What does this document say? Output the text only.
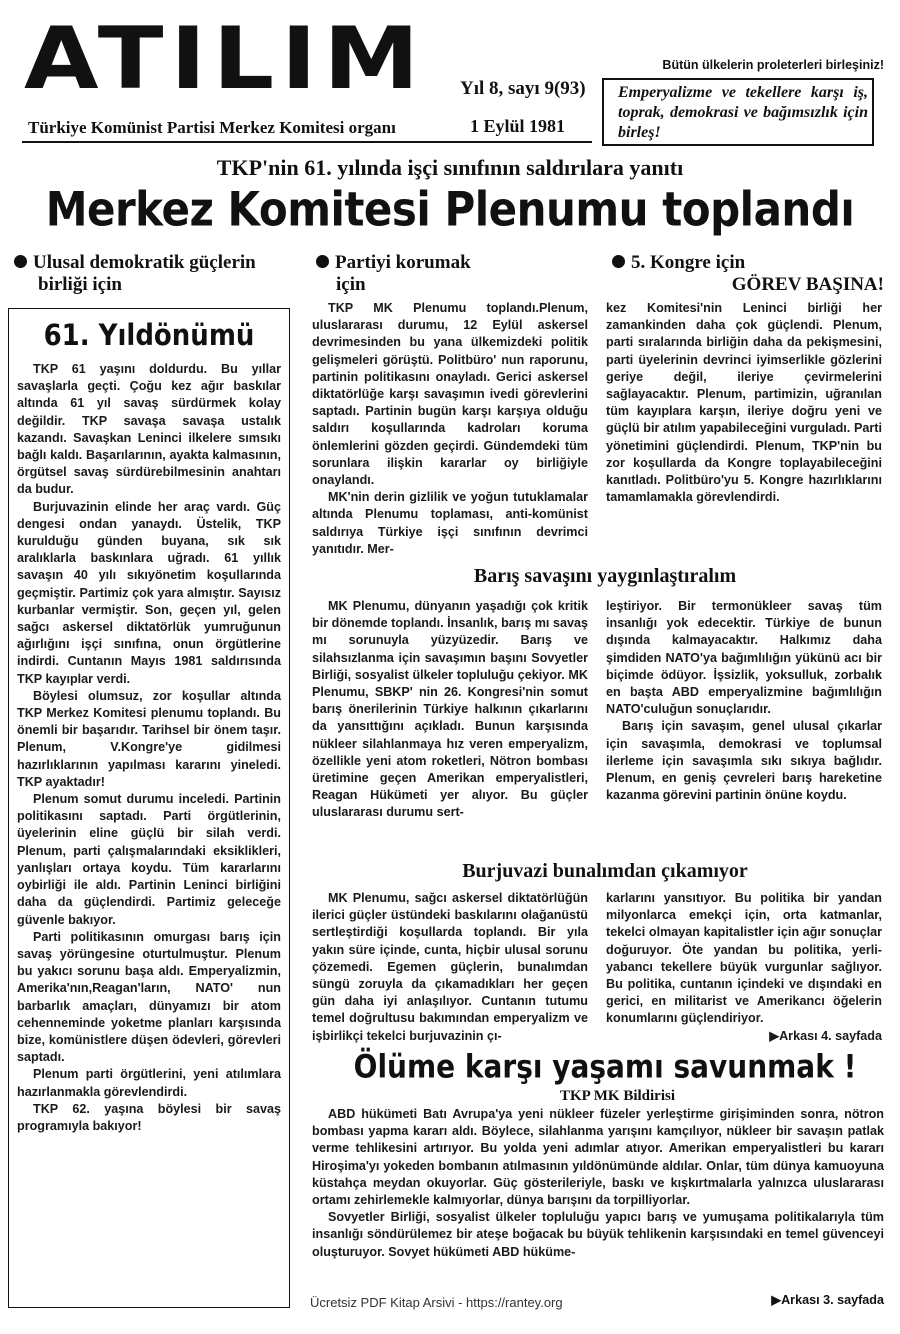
ATILIM Yıl 8, sayı 9(93)
Türkiye Komünist Partisi Merkez Komitesi organı	1 Eylül 1981
Bütün ülkelerin proleterleri birleşiniz!
Emperyalizme ve tekellere karşı iş, toprak, demokrasi ve bağımsızlık için birleş!
TKP'nin 61. yılında işçi sınıfının saldırılara yanıtı
Merkez Komitesi Plenumu toplandı
Ulusal demokratik güçlerin
birliği için
Partiyi korumak
için
5. Kongre için

GÖREV BAŞINA!

TKP MK Plenumu toplandı.Plenum, uluslararası durumu, 12 Eylül askersel devrimesinden bu yana ülkemizdeki politik gelişmeleri görüştü. Politbüro' nun raporunu, partinin politikasını onayladı. Gerici askersel diktatörlüğe karşı savaşımın ivedi görevlerini saptadı. Partinin bugün karşı karşıya olduğu saldırı koşullarında kadroları koruma önlemlerini gözden geçirdi. Gündemdeki tüm sorunlara ilişkin kararlar oy birliğiyle onaylandı.

MK'nin derin gizlilik ve yoğun tutuklamalar altında Plenumu toplaması, anti-komünist saldırıya Türkiye işçi sınıfının devrimci yanıtıdır. Mer-

kez Komitesi'nin Leninci birliği her zamankinden daha çok güçlendi. Plenum, parti sıralarında birliğin daha da pekişmesini, parti üyelerinin devrinci iyimserlikle gözlerini geriye değil, ileriye çevirmelerini sağlayacaktır. Plenum, partimizin, uğranılan tüm kayıplara karşın, ileriye doğru yeni ve güçlü bir atılım yapabileceğini vurguladı. Parti yönetimini güçlendirdi. Plenum, TKP'nin bu zor koşullarda da Kongre toplayabileceğini kanıtladı. Politbüro'yu 5. Kongre hazırlıklarını tamamlamakla görevlendirdi.

61. Yıldönümü

TKP 61 yaşını doldurdu. Bu yıllar savaşlarla geçti. Çoğu kez ağır baskılar altında 61 yıl savaş sürdürmek kolay değildir. TKP savaşa savaşa ustalık kazandı. Savaşkan Leninci ilkelere sımsıkı bağlı kaldı. Başarılarının, ayakta kalmasının, örgütsel savaş sürdürebilmesinin anahtarı da budur.

Burjuvazinin elinde her araç vardı. Güç dengesi ondan yanaydı. Üstelik, TKP kurulduğu günden buyana, sık sık aralıklarla baskınlara uğradı. 61 yıllık savaşın 40 yılı sıkıyönetim koşullarında geçmiştir. Partimiz çok yara almıştır. Sayısız kurbanlar vermiştir. Son, geçen yıl, gelen sağcı askersel diktatörlük yumruğunun ağırlığını işçi sınıfına, onun örgütlerine indirdi. Cuntanın Mayıs 1981 saldırısında TKP kayıplar verdi.

Böylesi olumsuz, zor koşullar altında TKP Merkez Komitesi plenumu toplandı. Bu önemli bir başarıdır. Tarihsel bir önem taşır. Plenum, V.Kongre'ye gidilmesi hazırlıklarının yapılması kararını yineledi. TKP ayaktadır!

Plenum somut durumu inceledi. Partinin politikasını saptadı. Parti örgütlerinin, üyelerinin eline güçlü bir silah verdi. Plenum, parti çalışmalarındaki eksiklikleri, yanlışları ortaya koydu. Tüm kararlarını oybirliği ile aldı. Partinin Leninci birliğini daha da güçlendirdi. Partimiz geleceğe güvenle bakıyor.

Parti politikasının omurgası barış için savaş yörüngesine oturtulmuştur. Plenum bu yakıcı sorunu başa aldı. Emperyalizmin, Amerika'nın,Reagan'ların, NATO' nun barbarlık amaçları, dünyamızı bir atom cehenneminde yoketme planları karşısında bize, komünistlere düşen ödevleri, görevleri saptadı.

Plenum parti örgütlerini, yeni atılımlara hazırlanmakla görevlendirdi.

TKP 62. yaşına böylesi bir savaş programıyla bakıyor!

Barış savaşını yaygınlaştıralım

MK Plenumu, dünyanın yaşadığı çok kritik bir dönemde toplandı. İnsanlık, barış mı savaş mı sorunuyla yüzyüzedir. Barış ve silahsızlanma için savaşımın başını Sovyetler Birliği, sosyalist ülkeler topluluğu çekiyor. MK Plenumu, SBKP' nin 26. Kongresi'nin somut barış önerilerinin Türkiye halkının çıkarlarını da yansıttığını açıkladı. Bunun karşısında nükleer silahlanmaya hız veren emperyalizm, özellikle yeni atom roketleri, Nötron bombası üretimine geçen Amerikan emperyalistleri, Reagan Hükümeti yer alıyor. Bu güçler uluslararası durumu sert-

leştiriyor. Bir termonükleer savaş tüm insanlığı yok edecektir. Türkiye de bunun dışında kalmayacaktır. Halkımız daha şimdiden NATO'ya bağımlılığın yükünü acı bir biçimde ödüyor. İşsizlik, yoksulluk, zorbalık en başta ABD emperyalizmine bağımlılığın NATO'culuğun sonuçlarıdır.

Barış için savaşım, genel ulusal çıkarlar için savaşımla, demokrasi ve toplumsal ilerleme için savaşımla sıkı sıkıya bağlıdır. Plenum, en geniş çevreleri barış hareketine kazanma görevini partinin önüne koydu.

Burjuvazi bunalımdan çıkamıyor

MK Plenumu, sağcı askersel diktatörlüğün ilerici güçler üstündeki baskılarını olağanüstü sertleştirdiği koşullarda toplandı. Bir yıla yakın süre içinde, cunta, hiçbir ulusal sorunu çözemedi. Egemen güçlerin, bunalımdan süngü zoruyla da çıkamadıkları her geçen gün daha iyi anlaşılıyor. Cuntanın tutumu temel doğrultusu bakımından emperyalizm ve işbirlikçi tekelci burjuvazinin çı-

karlarını yansıtıyor. Bu politika bir yandan milyonlarca emekçi için, orta katmanlar, tekelci olmayan kapitalistler için ağır sonuçlar doğuruyor. Öte yandan bu politika, yerli-yabancı tekellere büyük vurgunlar sağlıyor. Bu politika, cuntanın içindeki ve dışındaki en gerici, en militarist ve Amerikancı öğelerin konumlarını güçlendiriyor.

▶Arkası 4. sayfada
Ölüme karşı yaşamı savunmak !
TKP MK Bildirisi

ABD hükümeti Batı Avrupa'ya yeni nükleer füzeler yerleştirme girişiminden sonra, nötron bombası yapma kararı aldı. Böylece, silahlanma yarışını kamçılıyor, nükleer bir savaşın patlak verme tehlikesini artırıyor. Bu yolda yeni adımlar atıyor. Amerikan emperyalistleri bu kararı Hiroşima'yı yokeden bombanın atılmasının yıldönümünde aldılar. Onlar, tüm dünya kamuoyuna küstahça meydan okuyorlar. Güç gösterileriyle, baskı ve kışkırtmalarla yalnızca uluslararası ortamı zehirlemekle kalmıyorlar, dünya barışını da torpilliyorlar.

Sovyetler Birliği, sosyalist ülkeler topluluğu yapıcı barış ve yumuşama politikalarıyla tüm insanlığı söndürülemez bir ateşe boğacak bu büyük tehlikenin karşısındaki en temel güvenceyi oluşturuyor. Sovyet hükümeti ABD hüküme-

▶Arkası 3. sayfada
Ücretsiz PDF Kitap Arsivi - https://rantey.org
